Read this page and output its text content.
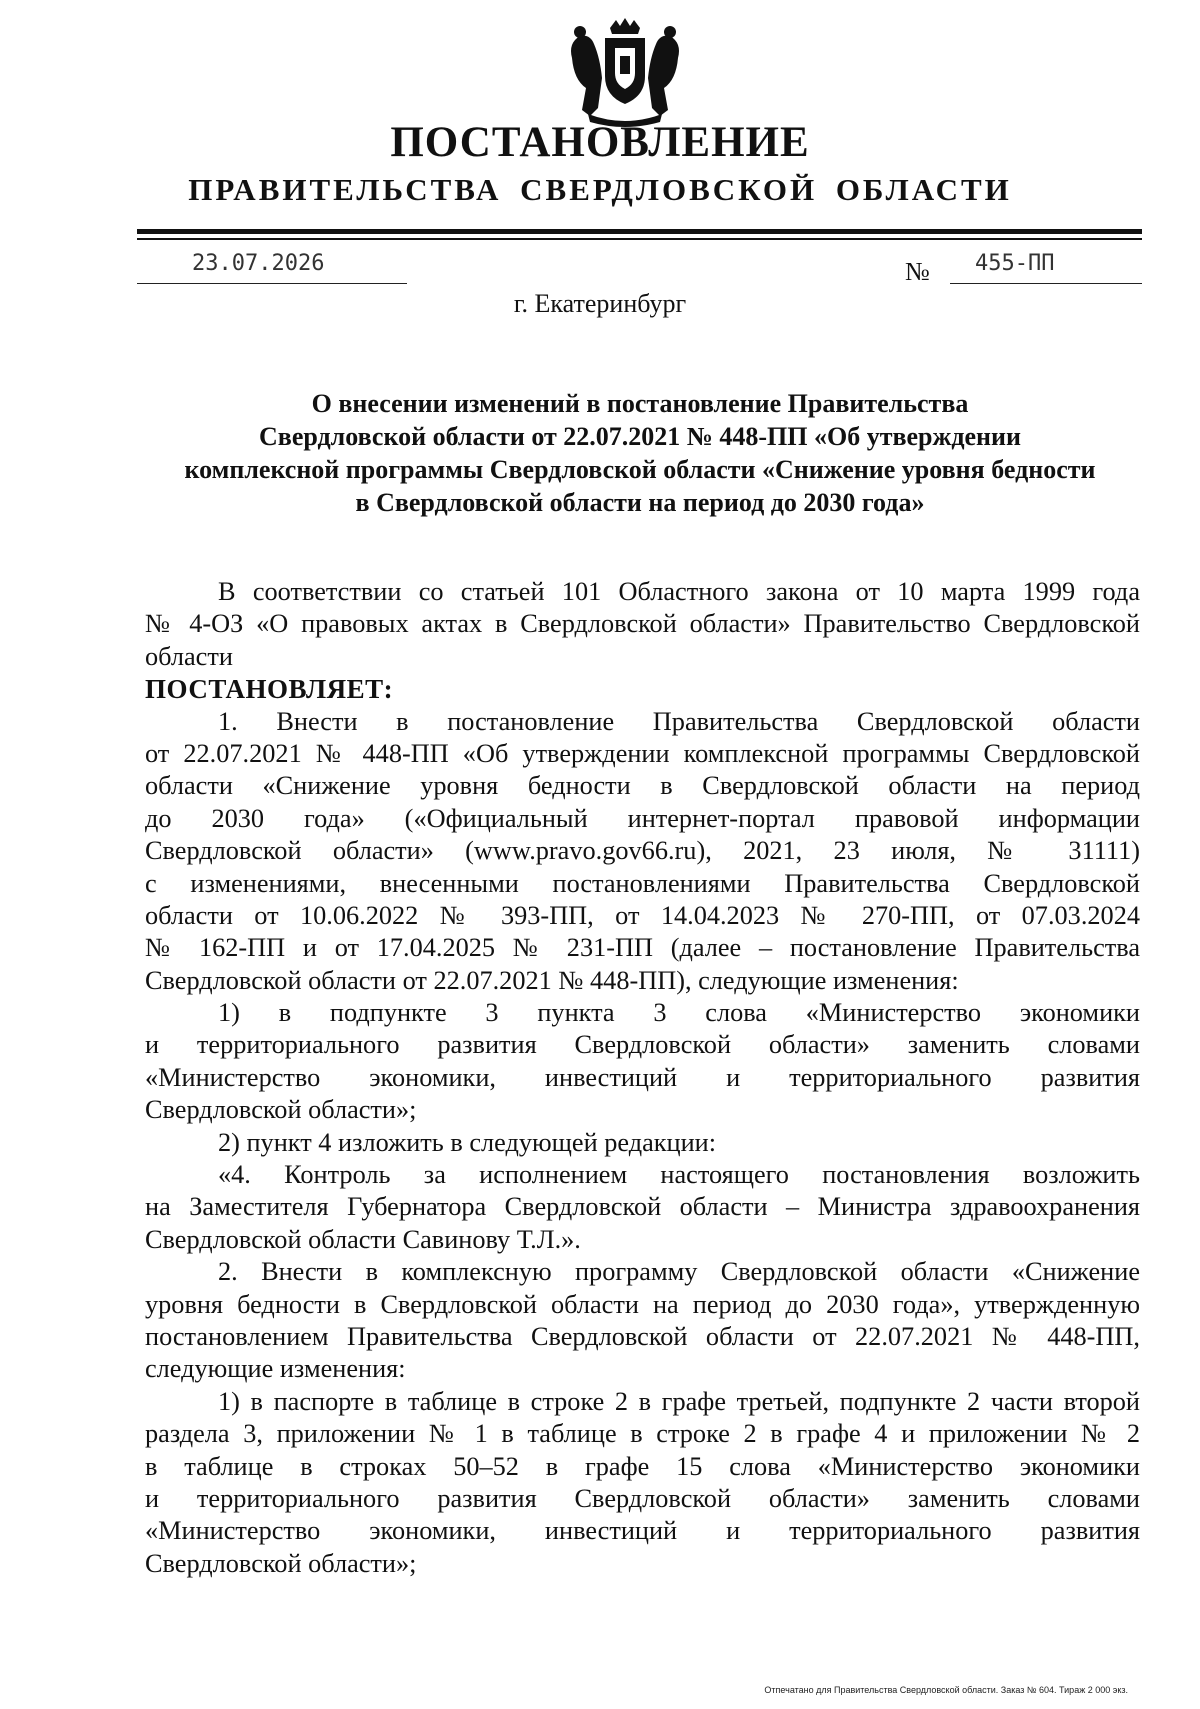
ПОСТАНОВЛЕНИЕ
ПРАВИТЕЛЬСТВА СВЕРДЛОВСКОЙ ОБЛАСТИ
23.07.2026	№ 455-ПП
г. Екатеринбург
О внесении изменений в постановление Правительства
Свердловской области от 22.07.2021 № 448-ПП «Об утверждении
комплексной программы Свердловской области «Снижение уровня бедности
в Свердловской области на период до 2030 года»
В соответствии со статьей 101 Областного закона от 10 марта 1999 года
№ 4-ОЗ «О правовых актах в Свердловской области» Правительство Свердловской
области
ПОСТАНОВЛЯЕТ:
1. Внести в постановление Правительства Свердловской области
от 22.07.2021 № 448-ПП «Об утверждении комплексной программы Свердловской
области «Снижение уровня бедности в Свердловской области на период
до 2030 года» («Официальный интернет-портал правовой информации
Свердловской области» (www.pravo.gov66.ru), 2021, 23 июля, № 31111)
с изменениями, внесенными постановлениями Правительства Свердловской
области от 10.06.2022 № 393-ПП, от 14.04.2023 № 270-ПП, от 07.03.2024
№ 162-ПП и от 17.04.2025 № 231-ПП (далее – постановление Правительства
Свердловской области от 22.07.2021 № 448-ПП), следующие изменения:
1) в подпункте 3 пункта 3 слова «Министерство экономики
и территориального развития Свердловской области» заменить словами
«Министерство экономики, инвестиций и территориального развития
Свердловской области»;
2) пункт 4 изложить в следующей редакции:
«4. Контроль за исполнением настоящего постановления возложить
на Заместителя Губернатора Свердловской области – Министра здравоохранения
Свердловской области Савинову Т.Л.».
2. Внести в комплексную программу Свердловской области «Снижение
уровня бедности в Свердловской области на период до 2030 года», утвержденную
постановлением Правительства Свердловской области от 22.07.2021 № 448-ПП,
следующие изменения:
1) в паспорте в таблице в строке 2 в графе третьей, подпункте 2 части второй
раздела 3, приложении № 1 в таблице в строке 2 в графе 4 и приложении № 2
в таблице в строках 50–52 в графе 15 слова «Министерство экономики
и территориального развития Свердловской области» заменить словами
«Министерство экономики, инвестиций и территориального развития
Свердловской области»;
Отпечатано для Правительства Свердловской области. Заказ № 604. Тираж 2 000 экз.
